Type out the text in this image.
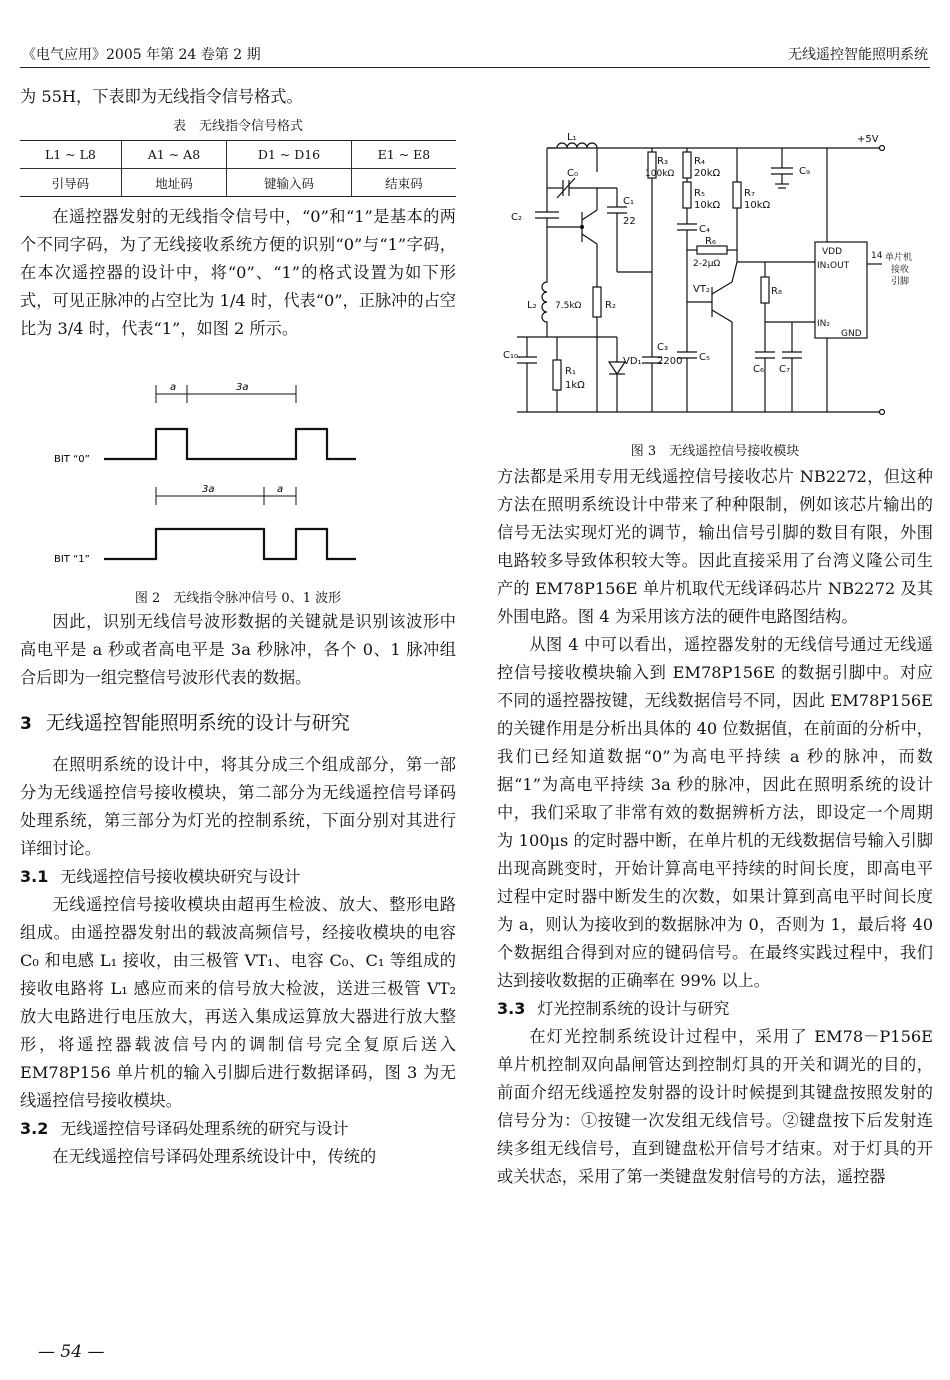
《电气应用》2005 年第 24 卷第 2 期	无线遥控智能照明系统

为 55H，下表即为无线指令信号格式。

表　无线指令信号格式

L1 ~ L8	A1 ~ A8	D1 ~ D16	E1 ~ E8
引导码	地址码	键输入码	结束码

在遥控器发射的无线指令信号中，“0”和“1”是基本的两个不同字码，为了无线接收系统方便的识别“0”与“1”字码，在本次遥控器的设计中，将“0”、“1”的格式设置为如下形式，可见正脉冲的占空比为 1/4 时，代表“0”，正脉冲的占空比为 3/4 时，代表“1”，如图 2 所示。

BIT “0”
a	3a
BIT “1”
3a	a

图 2　无线指令脉冲信号 0、1 波形

因此，识别无线信号波形数据的关键就是识别该波形中高电平是 a 秒或者高电平是 3a 秒脉冲，各个 0、1 脉冲组合后即为一组完整信号波形代表的数据。

3 无线遥控智能照明系统的设计与研究

在照明系统的设计中，将其分成三个组成部分，第一部分为无线遥控信号接收模块，第二部分为无线遥控信号译码处理系统，第三部分为灯光的控制系统，下面分别对其进行详细讨论。

3.1 无线遥控信号接收模块研究与设计

无线遥控信号接收模块由超再生检波、放大、整形电路组成。由遥控器发射出的载波高频信号，经接收模块的电容 C₀ 和电感 L₁ 接收，由三极管 VT₁、电容 C₀、C₁ 等组成的接收电路将 L₁ 感应而来的信号放大检波，送进三极管 VT₂ 放大电路进行电压放大，再送入集成运算放大器进行放大整形，将遥控器载波信号内的调制信号完全复原后送入 EM78P156 单片机的输入引脚后进行数据译码，图 3 为无线遥控信号接收模块。

3.2 无线遥控信号译码处理系统的研究与设计

在无线遥控信号译码处理系统设计中，传统的

L₁
C₀
C₂
C₁
22
L₂ 7.5kΩ R₂
C₃
2200
VD₁
C₁₀
R₁
1kΩ
R₃
100kΩ
R₄
20kΩ
R₅
10kΩ
R₇
10kΩ
C₄
R₆
2-2μΩ
VT₂
C₅
R₈
C₆ C₇
C₉
+5V
VDD
IN₁OUT
IN₂
GND
14 单片机
接收
引脚

图 3　无线遥控信号接收模块

方法都是采用专用无线遥控信号接收芯片 NB2272，但这种方法在照明系统设计中带来了种种限制，例如该芯片输出的信号无法实现灯光的调节，输出信号引脚的数目有限，外围电路较多导致体积较大等。因此直接采用了台湾义隆公司生产的 EM78P156E 单片机取代无线译码芯片 NB2272 及其外围电路。图 4 为采用该方法的硬件电路图结构。

从图 4 中可以看出，遥控器发射的无线信号通过无线遥控信号接收模块输入到 EM78P156E 的数据引脚中。对应不同的遥控器按键，无线数据信号不同，因此 EM78P156E 的关键作用是分析出具体的 40 位数据值，在前面的分析中，我们已经知道数据“0”为高电平持续 a 秒的脉冲，而数据“1”为高电平持续 3a 秒的脉冲，因此在照明系统的设计中，我们采取了非常有效的数据辨析方法，即设定一个周期为 100μs 的定时器中断，在单片机的无线数据信号输入引脚出现高跳变时，开始计算高电平持续的时间长度，即高电平过程中定时器中断发生的次数，如果计算到高电平时间长度为 a，则认为接收到的数据脉冲为 0，否则为 1，最后将 40 个数据组合得到对应的键码信号。在最终实践过程中，我们达到接收数据的正确率在 99% 以上。

3.3 灯光控制系统的设计与研究

在灯光控制系统设计过程中，采用了 EM78－P156E 单片机控制双向晶闸管达到控制灯具的开关和调光的目的，前面介绍无线遥控发射器的设计时候提到其键盘按照发射的信号分为：①按键一次发组无线信号。②键盘按下后发射连续多组无线信号，直到键盘松开信号才结束。对于灯具的开或关状态，采用了第一类键盘发射信号的方法，遥控器

— 54 —
